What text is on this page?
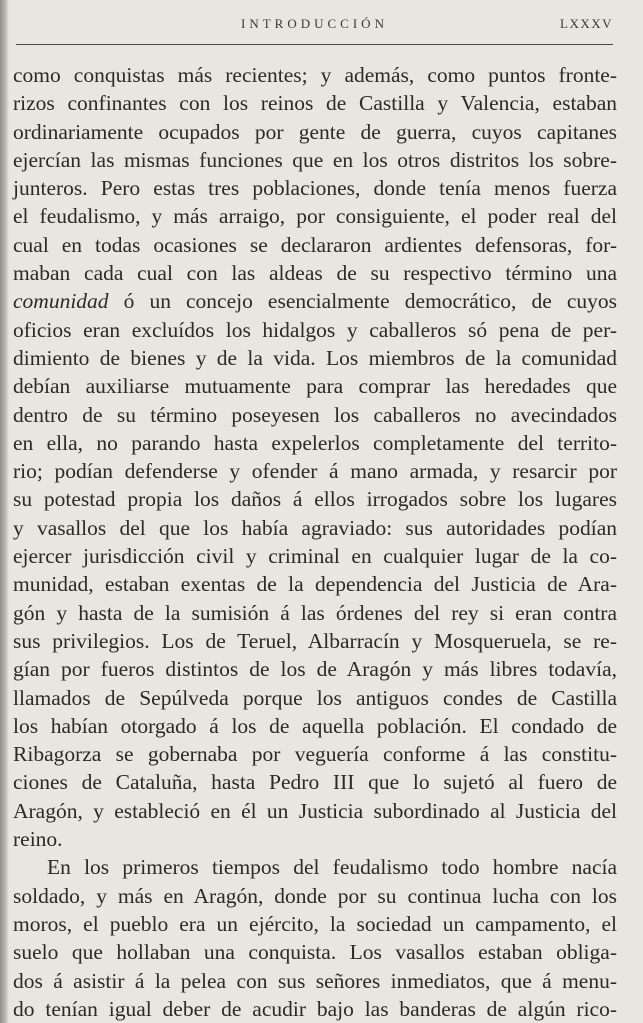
INTRODUCCIÓN	LXXXV
como conquistas más recientes; y además, como puntos fronte-
rizos confinantes con los reinos de Castilla y Valencia, estaban
ordinariamente ocupados por gente de guerra, cuyos capitanes
ejercían las mismas funciones que en los otros distritos los sobre-
junteros. Pero estas tres poblaciones, donde tenía menos fuerza
el feudalismo, y más arraigo, por consiguiente, el poder real del
cual en todas ocasiones se declararon ardientes defensoras, for-
maban cada cual con las aldeas de su respectivo término una
comunidad ó un concejo esencialmente democrático, de cuyos
oficios eran excluídos los hidalgos y caballeros só pena de per-
dimiento de bienes y de la vida. Los miembros de la comunidad
debían auxiliarse mutuamente para comprar las heredades que
dentro de su término poseyesen los caballeros no avecindados
en ella, no parando hasta expelerlos completamente del territo-
rio; podían defenderse y ofender á mano armada, y resarcir por
su potestad propia los daños á ellos irrogados sobre los lugares
y vasallos del que los había agraviado: sus autoridades podían
ejercer jurisdicción civil y criminal en cualquier lugar de la co-
munidad, estaban exentas de la dependencia del Justicia de Ara-
gón y hasta de la sumisión á las órdenes del rey si eran contra
sus privilegios. Los de Teruel, Albarracín y Mosqueruela, se re-
gían por fueros distintos de los de Aragón y más libres todavía,
llamados de Sepúlveda porque los antiguos condes de Castilla
los habían otorgado á los de aquella población. El condado de
Ribagorza se gobernaba por veguería conforme á las constitu-
ciones de Cataluña, hasta Pedro III que lo sujetó al fuero de
Aragón, y estableció en él un Justicia subordinado al Justicia del
reino.
En los primeros tiempos del feudalismo todo hombre nacía
soldado, y más en Aragón, donde por su continua lucha con los
moros, el pueblo era un ejército, la sociedad un campamento, el
suelo que hollaban una conquista. Los vasallos estaban obliga-
dos á asistir á la pelea con sus señores inmediatos, que á menu-
do tenían igual deber de acudir bajo las banderas de algún rico-
